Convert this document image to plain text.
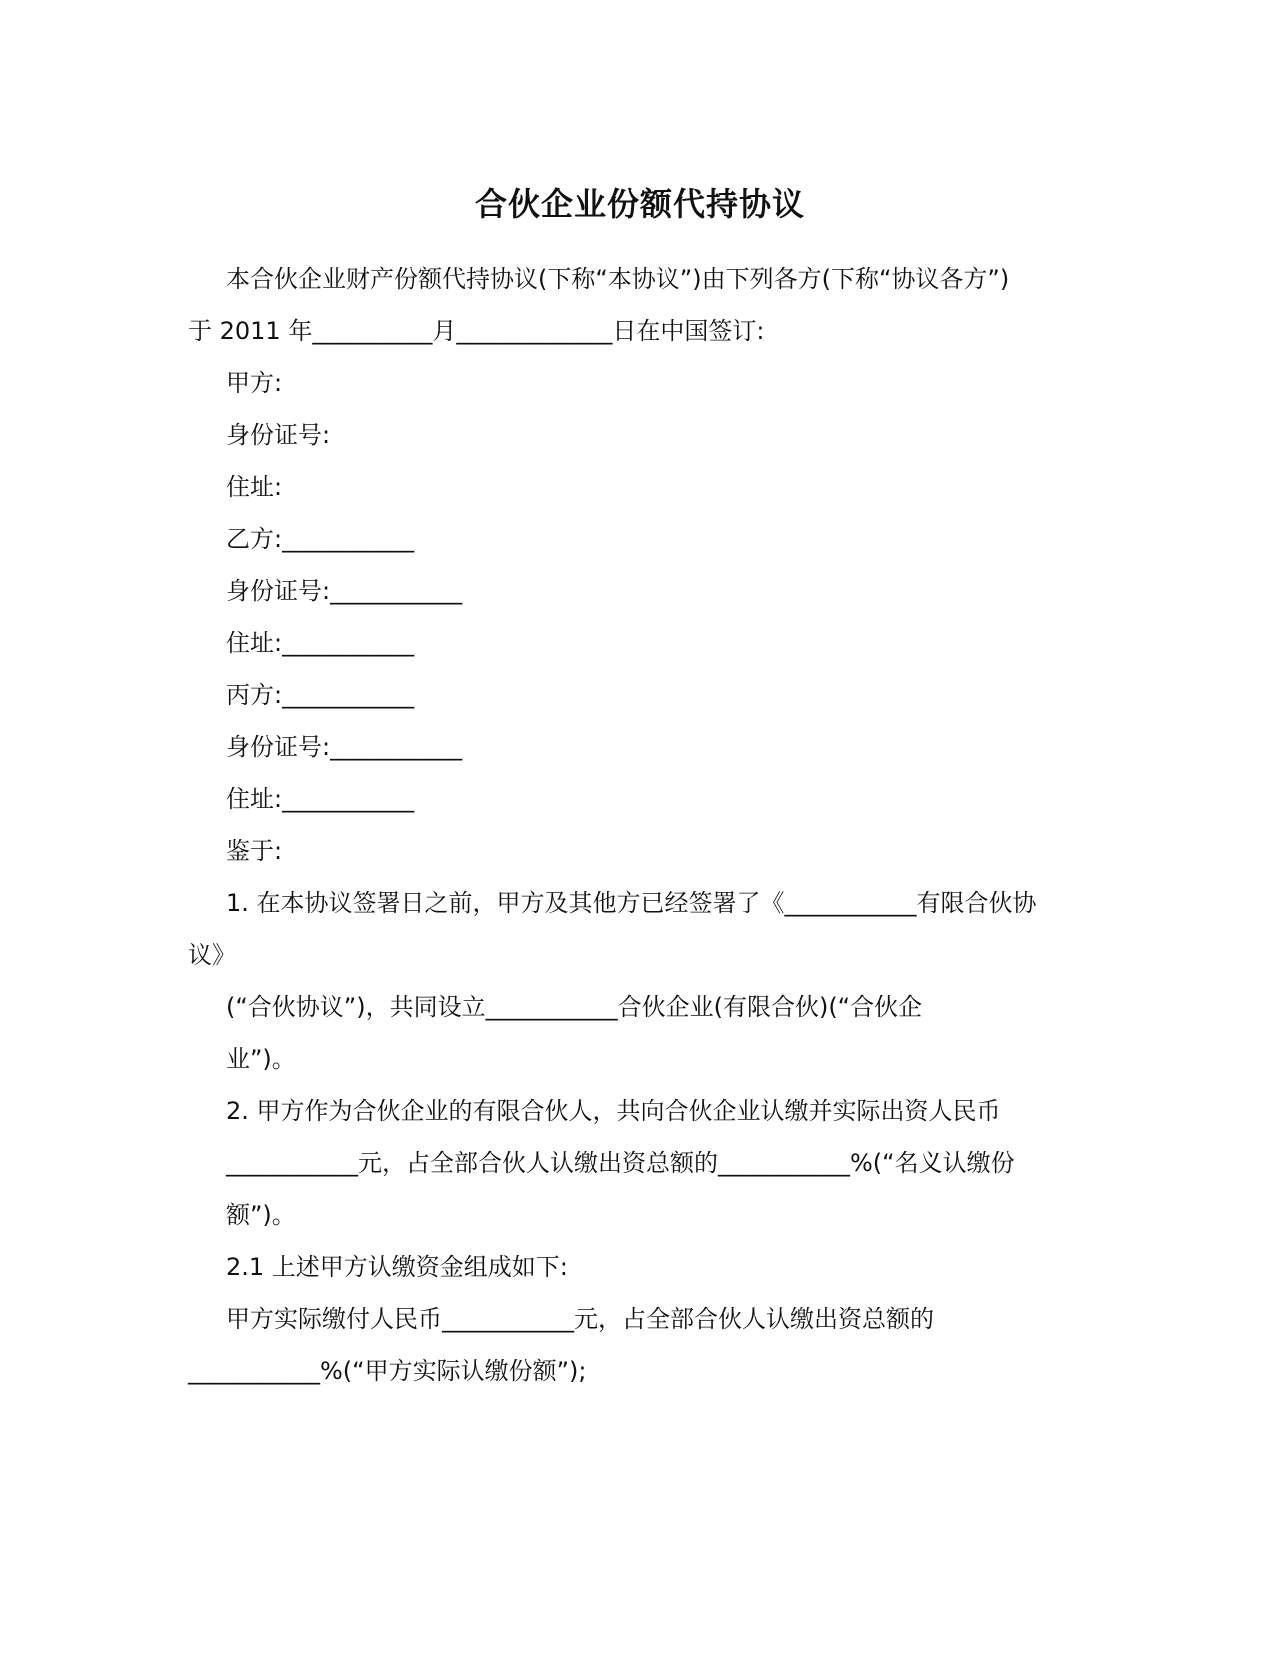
合伙企业份额代持协议
本合伙企业财产份额代持协议(下称“本协议”)由下列各方(下称“协议各方”)
于 2011 年__________月_____________日在中国签订:
甲方:
身份证号:
住址:
乙方:___________
身份证号:___________
住址:___________
丙方:___________
身份证号:___________
住址:___________
鉴于:
1. 在本协议签署日之前，甲方及其他方已经签署了《___________有限合伙协
议》
(“合伙协议”)，共同设立___________合伙企业(有限合伙)(“合伙企
业”)。
2. 甲方作为合伙企业的有限合伙人，共向合伙企业认缴并实际出资人民币
___________元，占全部合伙人认缴出资总额的___________%(“名义认缴份
额”)。
2.1 上述甲方认缴资金组成如下:
甲方实际缴付人民币___________元，占全部合伙人认缴出资总额的
___________%(“甲方实际认缴份额”);
